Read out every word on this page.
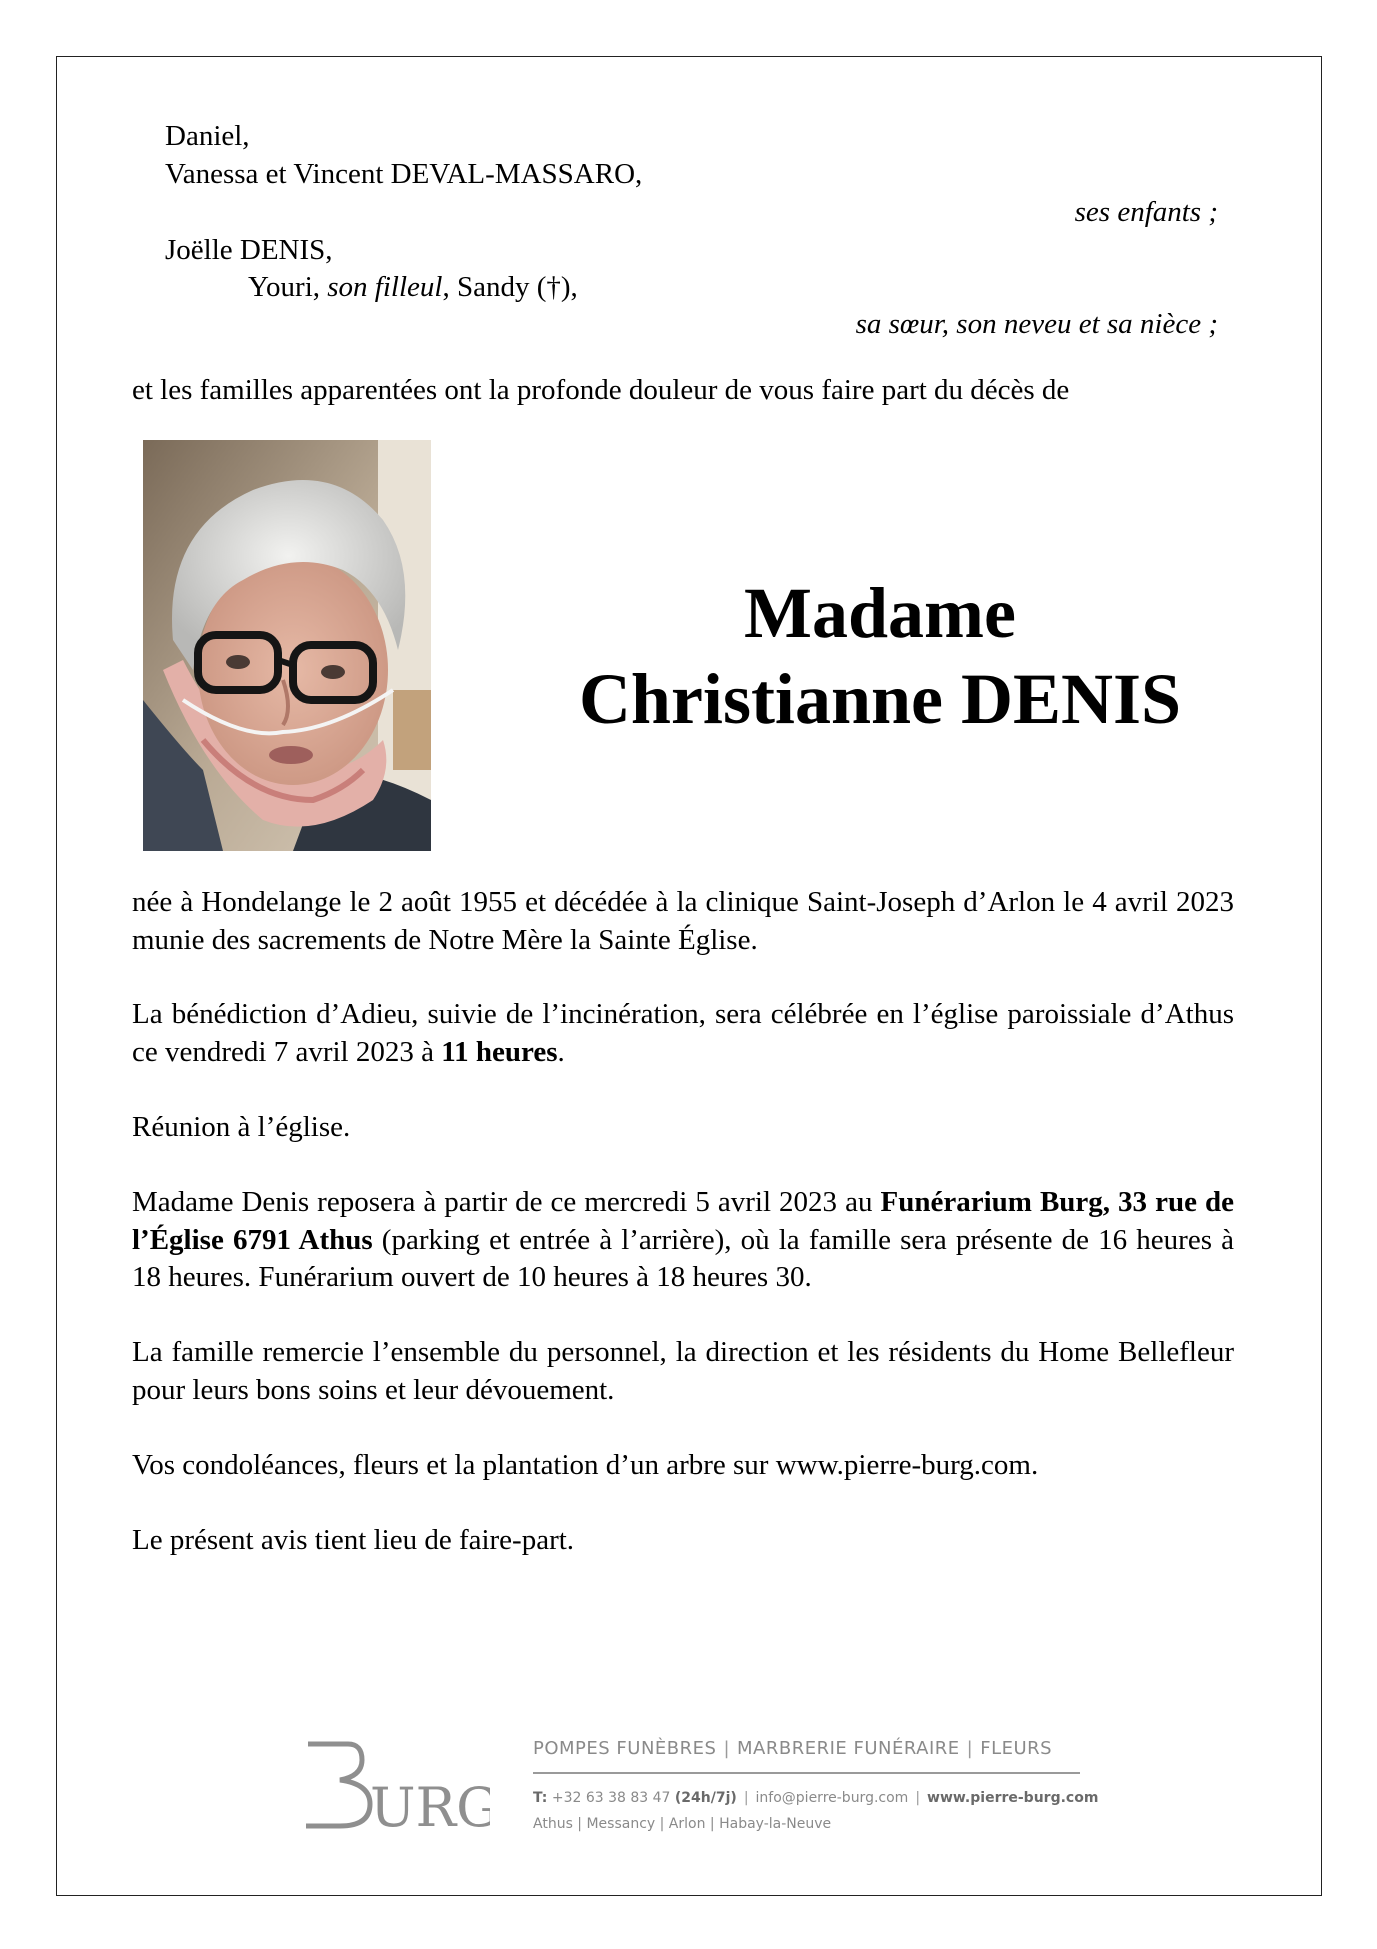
Daniel,
Vanessa et Vincent DEVAL-MASSARO,
ses enfants ;
Joëlle DENIS,
Youri, son filleul, Sandy (†),
sa sœur, son neveu et sa nièce ;
et les familles apparentées ont la profonde douleur de vous faire part du décès de
Madame
Christianne DENIS
née à Hondelange le 2 août 1955 et décédée à la clinique Saint-Joseph d’Arlon le 4 avril 2023 munie des sacrements de Notre Mère la Sainte Église.
La bénédiction d’Adieu, suivie de l’incinération, sera célébrée en l’église paroissiale d’Athus ce vendredi 7 avril 2023 à 11 heures.
Réunion à l’église.
Madame Denis reposera à partir de ce mercredi 5 avril 2023 au Funérarium Burg, 33 rue de l’Église 6791 Athus (parking et entrée à l’arrière), où la famille sera présente de 16 heures à 18 heures. Funérarium ouvert de 10 heures à 18 heures 30.
La famille remercie l’ensemble du personnel, la direction et les résidents du Home Bellefleur pour leurs bons soins et leur dévouement.
Vos condoléances, fleurs et la plantation d’un arbre sur www.pierre-burg.com.
Le présent avis tient lieu de faire-part.
URG
POMPES FUNÈBRES | MARBRERIE FUNÉRAIRE | FLEURS
T: +32 63 38 83 47 (24h/7j) | info@pierre-burg.com | www.pierre-burg.com
Athus | Messancy | Arlon | Habay-la-Neuve
